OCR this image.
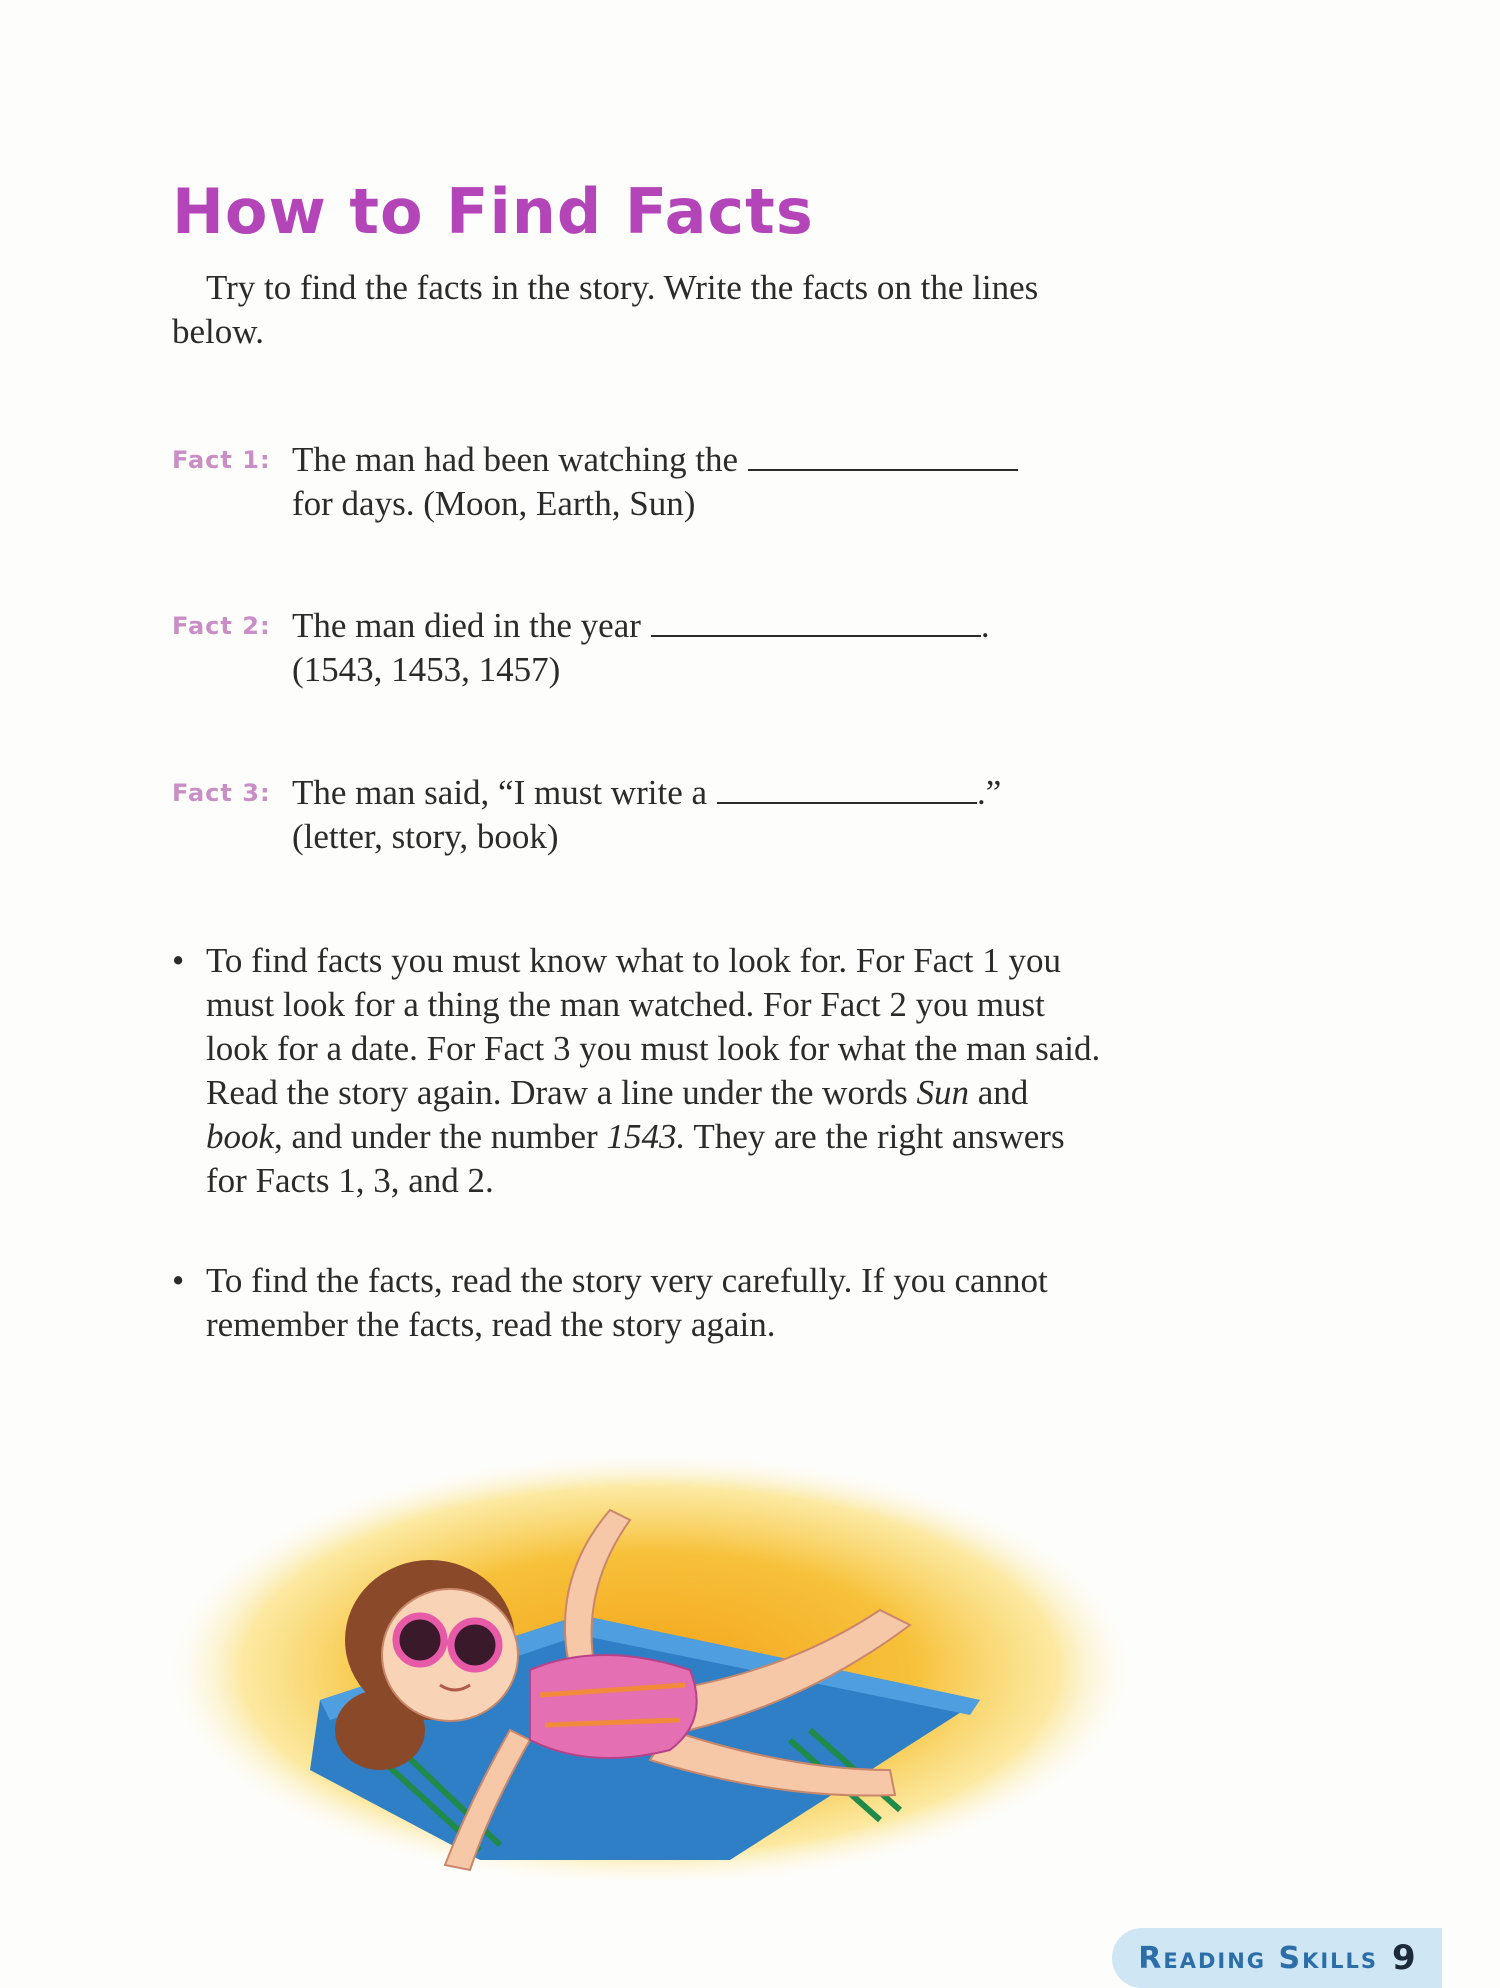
How to Find Facts

Try to find the facts in the story. Write the facts on the lines below.

Fact 1: The man had been watching the
for days. (Moon, Earth, Sun)
Fact 2: The man died in the year	.
(1543, 1453, 1457)
Fact 3: The man said, “I must write a	.”
(letter, story, book)
• To find facts you must know what to look for. For Fact 1 you must look for a thing the man watched. For Fact 2 you must look for a date. For Fact 3 you must look for what the man said. Read the story again. Draw a line under the words Sun and book, and under the number 1543. They are the right answers for Facts 1, 3, and 2.
• To find the facts, read the story very carefully. If you cannot remember the facts, read the story again.
Reading Skills 9
